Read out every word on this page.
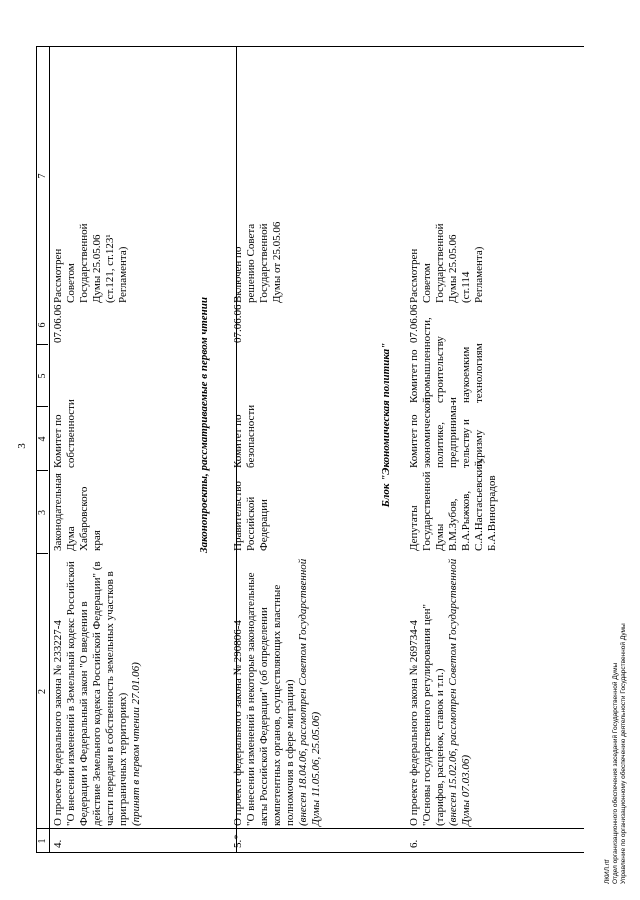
3
1
2
3
4
5
6
7
4.
О проекте федерального закона № 233227-4
"О внесении изменений в Земельный кодекс Российской Федерации и Федеральный закон "О введении в действие Земельного кодекса Российской Федерации" (в части передачи в собственность земельных участков в приграничных территориях)
(принят в первом чтении 27.01.06)
Законодательная Дума Хабаровского края
Комитет по собственности
07.06.06
Рассмотрен Советом Государственной Думы 25.05.06 (ст.121, ст.123¹ Регламента)
Законопроекты, рассматриваемые в первом чтении
5.*
О проекте федерального закона № 290806-4
"О внесении изменений в некоторые законодательные акты Российской Федерации" (об определении компетентных органов, осуществляющих властные полномочия в сфере миграции)
(внесен 18.04.06, рассмотрен Советом Государственной Думы 11.05.06, 25.05.06)
Правительство Российской Федерации
Комитет по безопасности
07.06.06
Включен по решению Совета Государственной Думы от 25.05.06
Блок "Экономическая политика"
6.
О проекте федерального закона № 269734-4
"Основы государственного регулирования цен" (тарифов, расценок, ставок и т.п.)
(внесен 15.02.06, рассмотрен Советом Государственной Думы 07.03.06)
Депутаты Государственной Думы В.М.Зубов, В.А.Рыжков, С.А.Настасьевский, Б.А.Виноградов
Комитет по экономической политике, предпринима-тельству и туризму
Комитет по промышленности, строительству и наукоемким технологиям
07.06.06
Рассмотрен Советом Государственной Думы 25.05.06 (ст.114 Регламента)
ЛКИЛ.rtf Отдел организационного обеспечения заседаний Государственной Думы Управление по организационному обеспечению деятельности Государственной Думы
